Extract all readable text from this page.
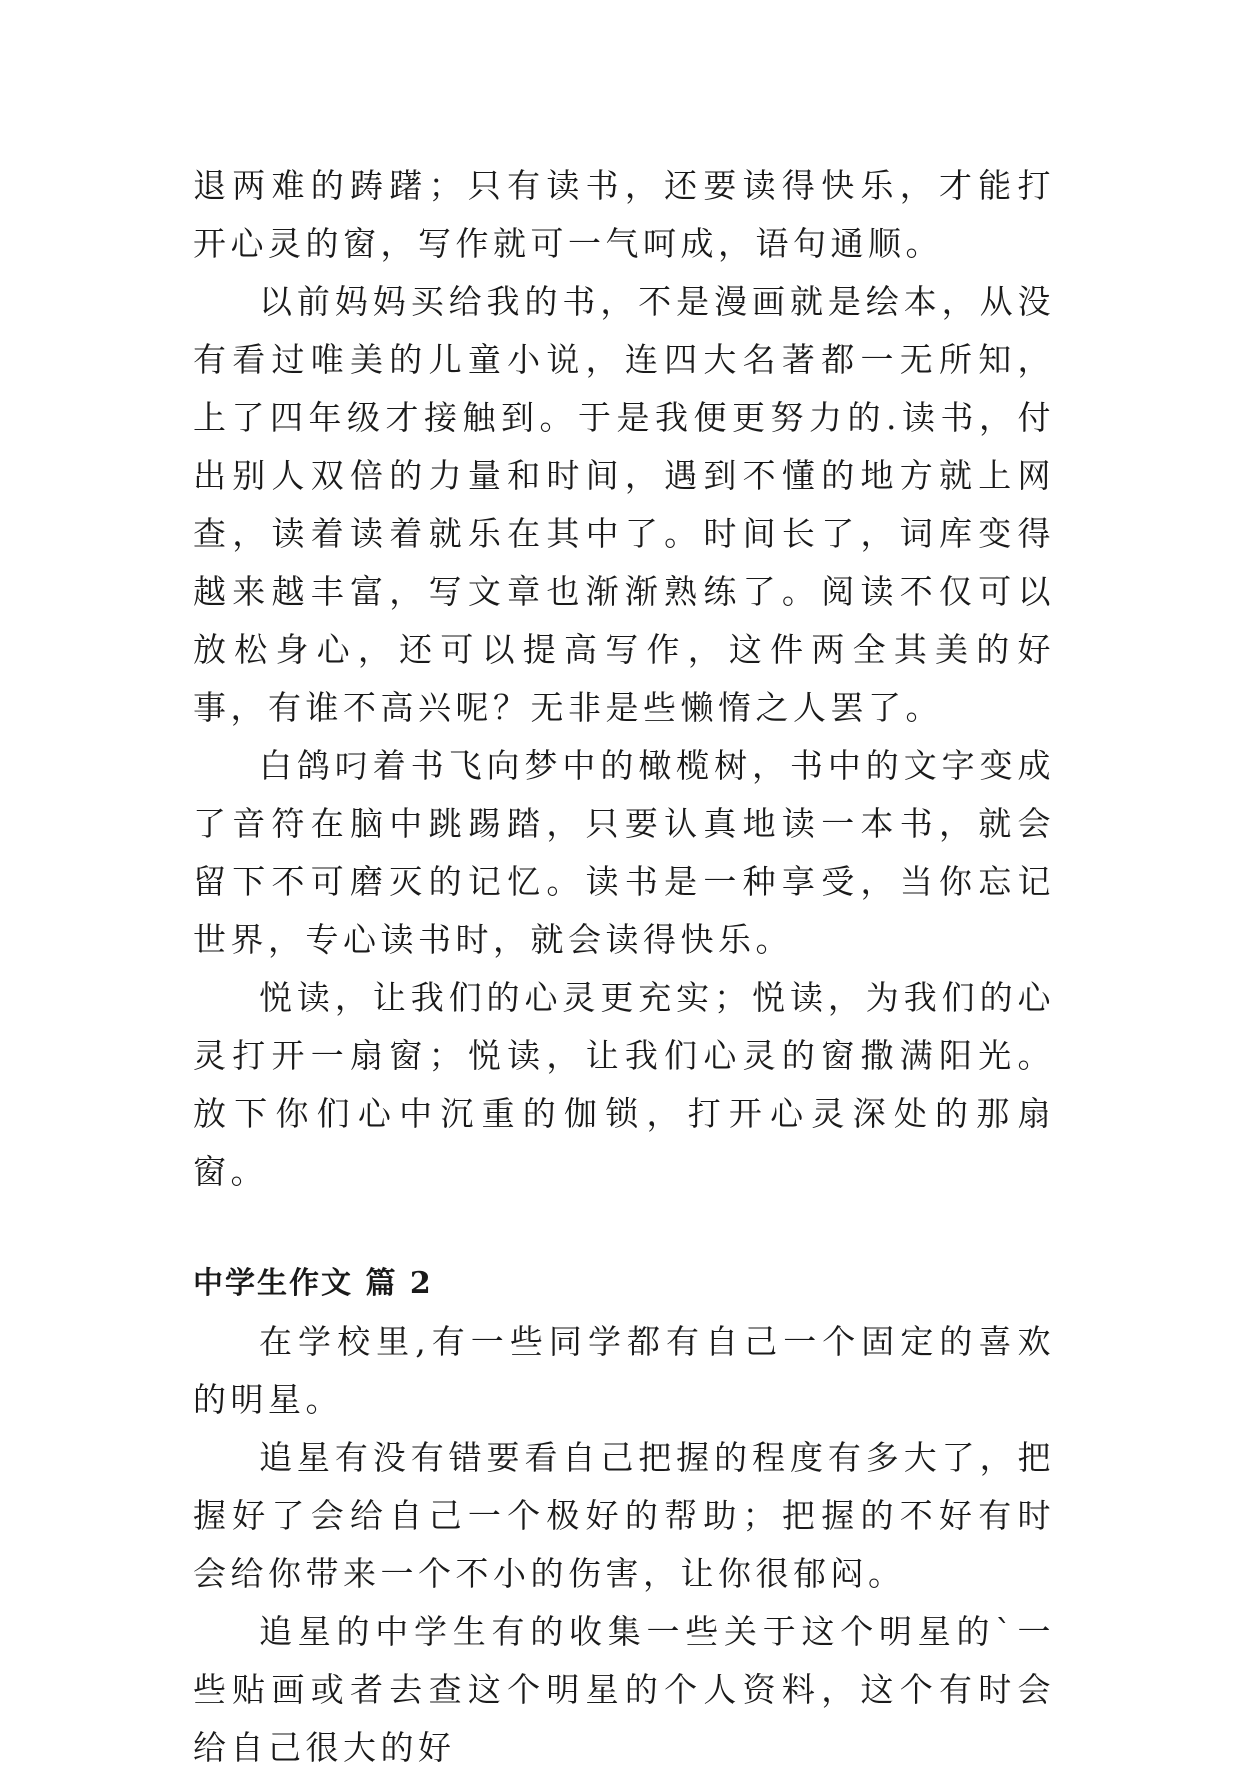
退两难的踌躇；只有读书，还要读得快乐，才能打开心灵的窗，写作就可一气呵成，语句通顺。

以前妈妈买给我的书，不是漫画就是绘本，从没有看过唯美的儿童小说，连四大名著都一无所知，上了四年级才接触到。于是我便更努力的.读书，付出别人双倍的力量和时间，遇到不懂的地方就上网查，读着读着就乐在其中了。时间长了，词库变得越来越丰富，写文章也渐渐熟练了。阅读不仅可以放松身心，还可以提高写作，这件两全其美的好事，有谁不高兴呢？无非是些懒惰之人罢了。

白鸽叼着书飞向梦中的橄榄树，书中的文字变成了音符在脑中跳踢踏，只要认真地读一本书，就会留下不可磨灭的记忆。读书是一种享受，当你忘记世界，专心读书时，就会读得快乐。

悦读，让我们的心灵更充实；悦读，为我们的心灵打开一扇窗；悦读，让我们心灵的窗撒满阳光。放下你们心中沉重的伽锁，打开心灵深处的那扇窗。

中学生作文 篇 2

在学校里,有一些同学都有自己一个固定的喜欢的明星。

追星有没有错要看自己把握的程度有多大了，把握好了会给自己一个极好的帮助；把握的不好有时会给你带来一个不小的伤害，让你很郁闷。

追星的中学生有的收集一些关于这个明星的`一些贴画或者去查这个明星的个人资料，这个有时会给自己很大的好
